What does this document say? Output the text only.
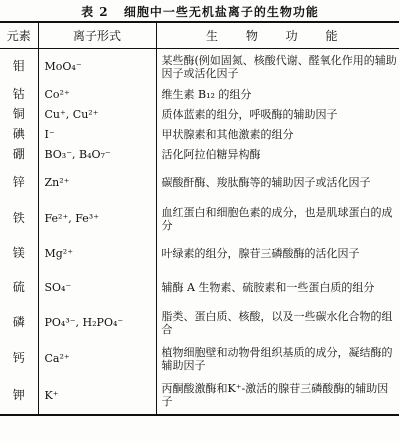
表 2 细胞中一些无机盐离子的生物功能
元素	离子形式	生 物 功 能
钼	MoO₄⁻	某些酶(例如固氮、核酸代谢、醛氧化作用的辅助因子或活化因子
钴	Co²⁺	维生素 B₁₂ 的组分
铜	Cu⁺, Cu²⁺	质体蓝素的组分，呼吸酶的辅助因子
碘	I⁻	甲状腺素和其他激素的组分
硼	BO₃⁻, B₄O₇⁻	活化阿拉伯糖异构酶
锌	Zn²⁺	碳酸酐酶、羧肽酶等的辅助因子或活化因子
铁	Fe²⁺, Fe³⁺	血红蛋白和细胞色素的成分，也是肌球蛋白的成分
镁	Mg²⁺	叶绿素的组分，腺苷三磷酸酶的活化因子
硫	SO₄⁻	辅酶 A 生物素、硫胺素和一些蛋白质的组分
磷	PO₄³⁻, H₂PO₄⁻	脂类、蛋白质、核酸，以及一些碳水化合物的组合
钙	Ca²⁺	植物细胞壁和动物骨组织基质的成分，凝结酶的辅助因子
钾	K⁺	丙酮酸激酶和K⁺-激活的腺苷三磷酸酶的辅助因子
